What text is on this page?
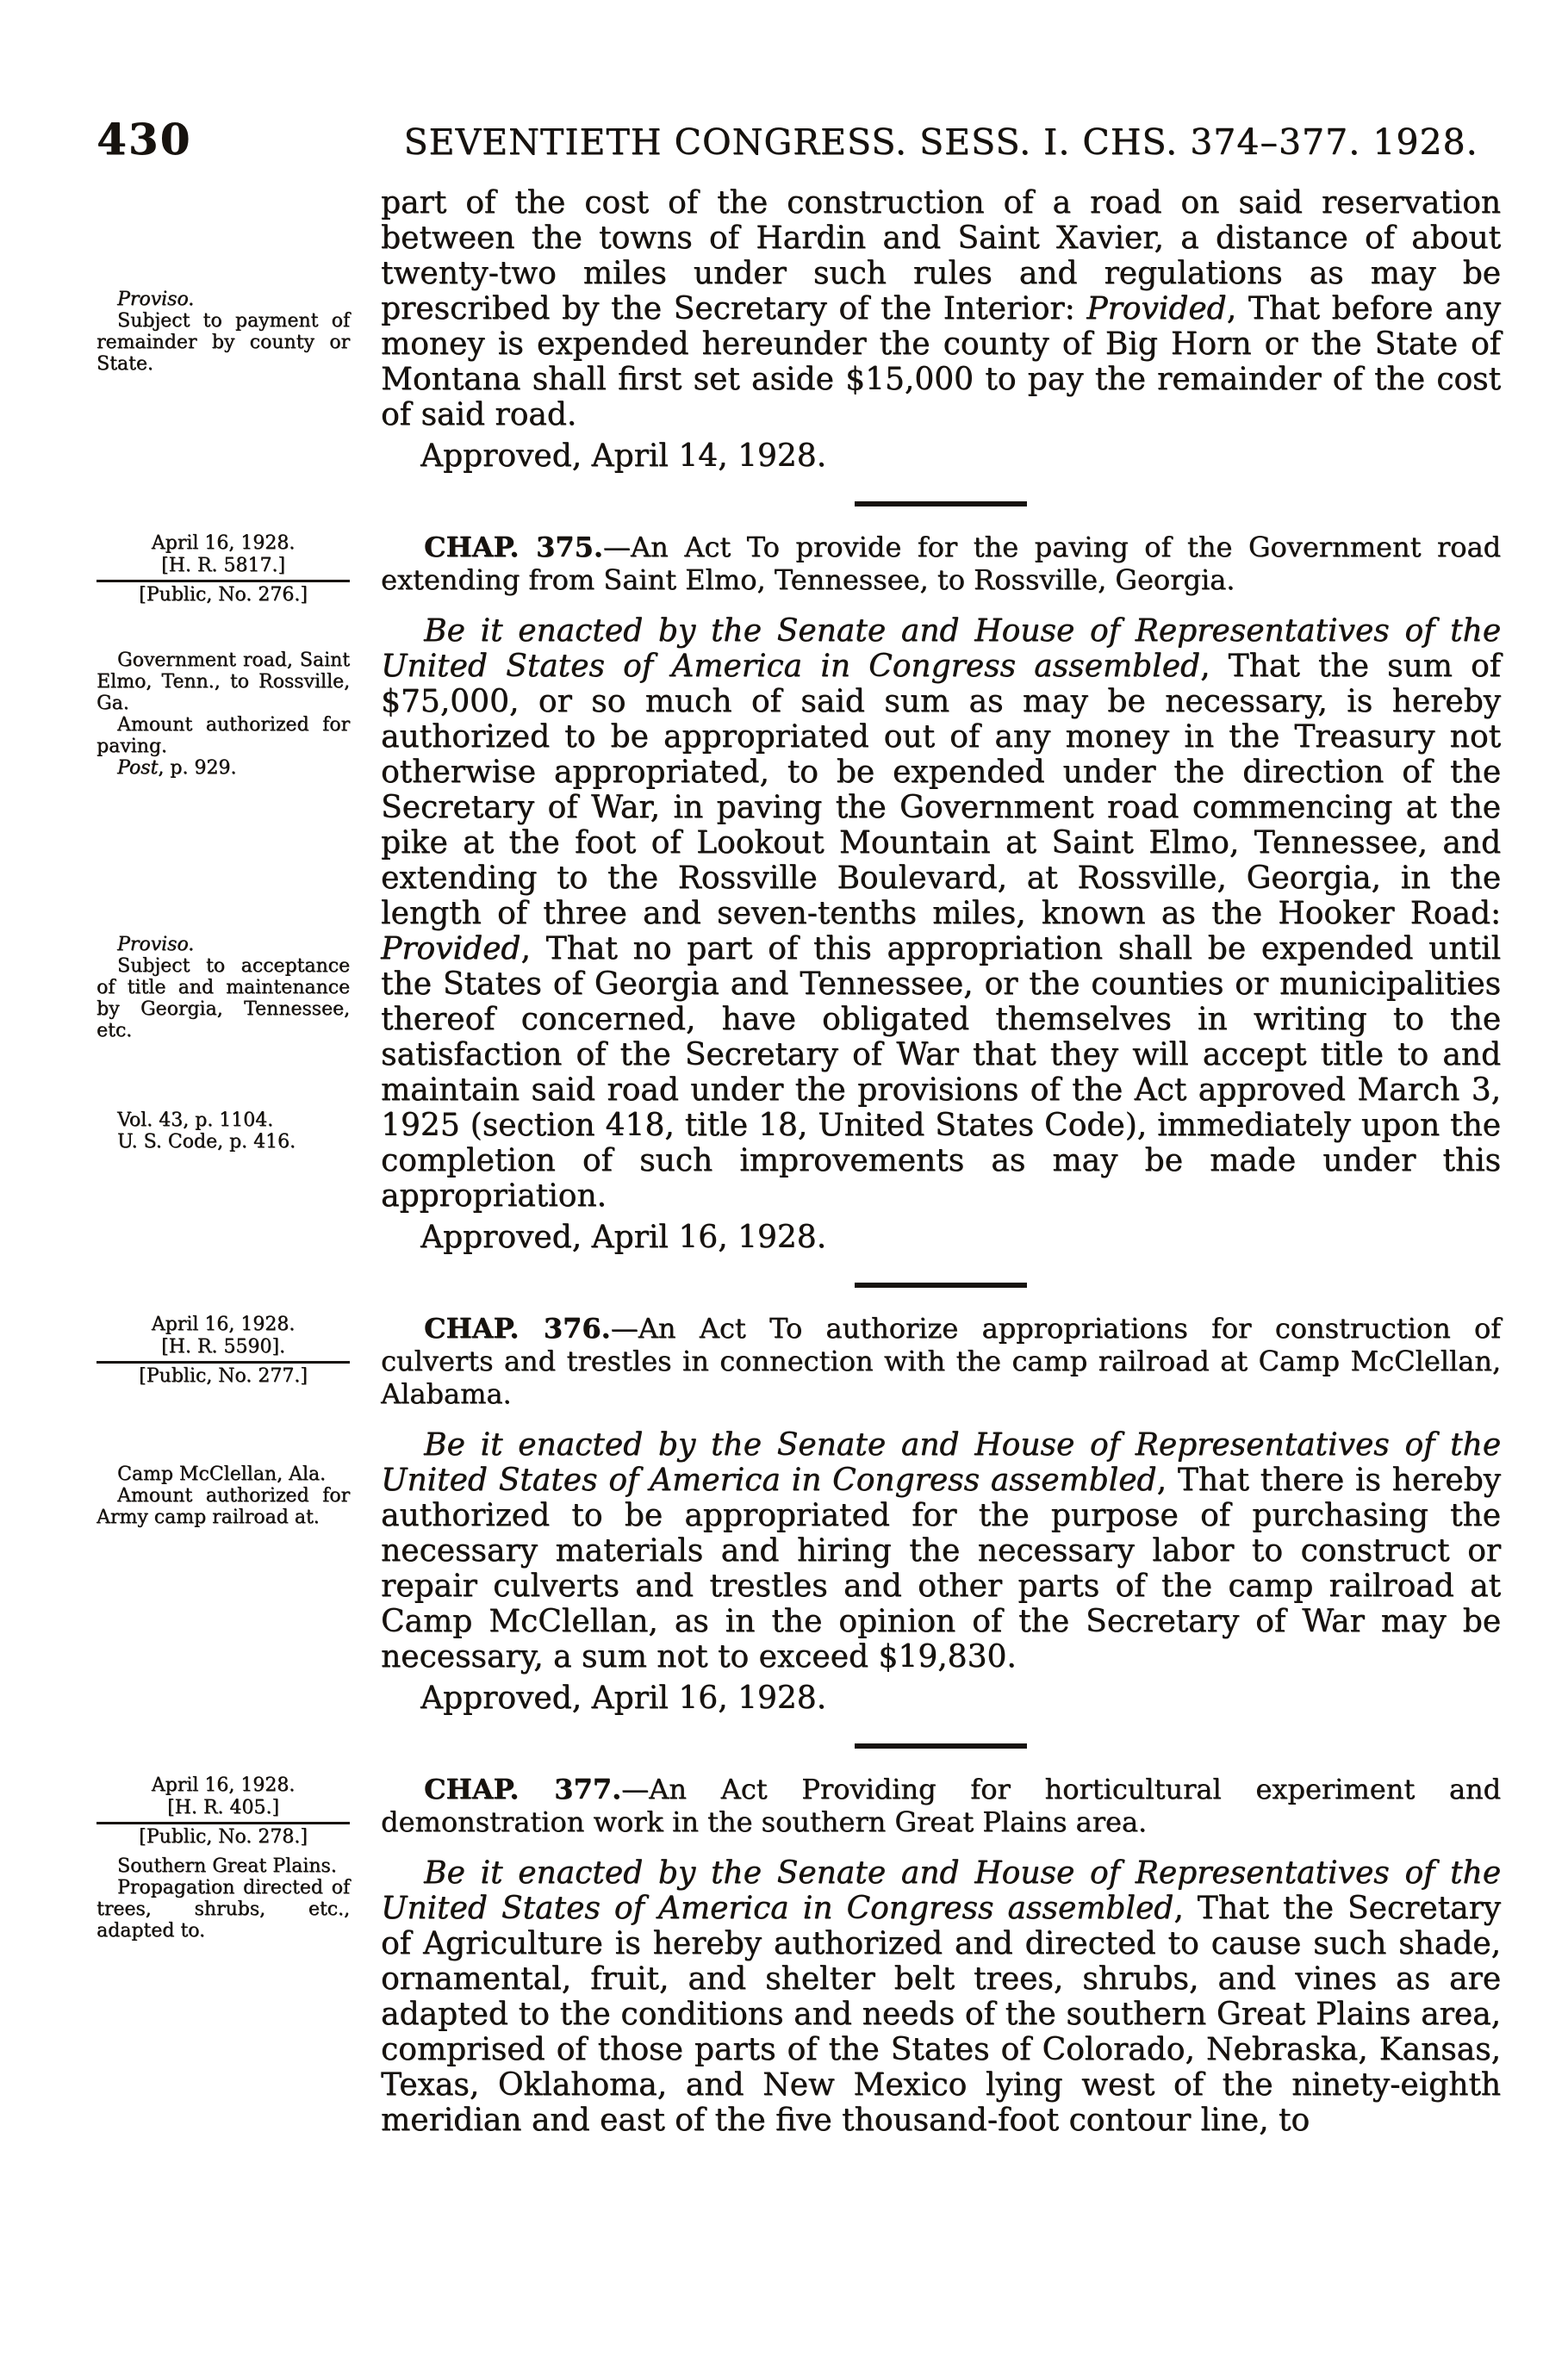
430	SEVENTIETH CONGRESS. SESS. I. CHS. 374–377. 1928.

Proviso.

Subject to payment of remainder by county or State.

part of the cost of the construction of a road on said reservation between the towns of Hardin and Saint Xavier, a distance of about twenty-two miles under such rules and regulations as may be prescribed by the Secretary of the Interior: Provided, That before any money is expended hereunder the county of Big Horn or the State of Montana shall first set aside $15,000 to pay the remainder of the cost of said road.

Approved, April 14, 1928.

April 16, 1928.
[H. R. 5817.]
[Public, No. 276.]

Government road, Saint Elmo, Tenn., to Rossville, Ga.

Amount authorized for paving.

Post, p. 929.

Proviso.

Subject to acceptance of title and maintenance by Georgia, Tennessee, etc.

Vol. 43, p. 1104.

U. S. Code, p. 416.

CHAP. 375.—An Act To provide for the paving of the Government road extending from Saint Elmo, Tennessee, to Rossville, Georgia.

Be it enacted by the Senate and House of Representatives of the United States of America in Congress assembled, That the sum of $75,000, or so much of said sum as may be necessary, is hereby authorized to be appropriated out of any money in the Treasury not otherwise appropriated, to be expended under the direction of the Secretary of War, in paving the Government road commencing at the pike at the foot of Lookout Mountain at Saint Elmo, Tennessee, and extending to the Rossville Boulevard, at Rossville, Georgia, in the length of three and seven-tenths miles, known as the Hooker Road: Provided, That no part of this appropriation shall be expended until the States of Georgia and Tennessee, or the counties or municipalities thereof concerned, have obligated themselves in writing to the satisfaction of the Secretary of War that they will accept title to and maintain said road under the provisions of the Act approved March 3, 1925 (section 418, title 18, United States Code), immediately upon the completion of such improvements as may be made under this appropriation.

Approved, April 16, 1928.

April 16, 1928.
[H. R. 5590].
[Public, No. 277.]

Camp McClellan, Ala.

Amount authorized for Army camp railroad at.

CHAP. 376.—An Act To authorize appropriations for construction of culverts and trestles in connection with the camp railroad at Camp McClellan, Alabama.

Be it enacted by the Senate and House of Representatives of the United States of America in Congress assembled, That there is hereby authorized to be appropriated for the purpose of purchasing the necessary materials and hiring the necessary labor to construct or repair culverts and trestles and other parts of the camp railroad at Camp McClellan, as in the opinion of the Secretary of War may be necessary, a sum not to exceed $19,830.

Approved, April 16, 1928.

April 16, 1928.
[H. R. 405.]
[Public, No. 278.]

Southern Great Plains.

Propagation directed of trees, shrubs, etc., adapted to.

CHAP. 377.—An Act Providing for horticultural experiment and demonstration work in the southern Great Plains area.

Be it enacted by the Senate and House of Representatives of the United States of America in Congress assembled, That the Secretary of Agriculture is hereby authorized and directed to cause such shade, ornamental, fruit, and shelter belt trees, shrubs, and vines as are adapted to the conditions and needs of the southern Great Plains area, comprised of those parts of the States of Colorado, Nebraska, Kansas, Texas, Oklahoma, and New Mexico lying west of the ninety-eighth meridian and east of the five thousand-foot contour line, to
